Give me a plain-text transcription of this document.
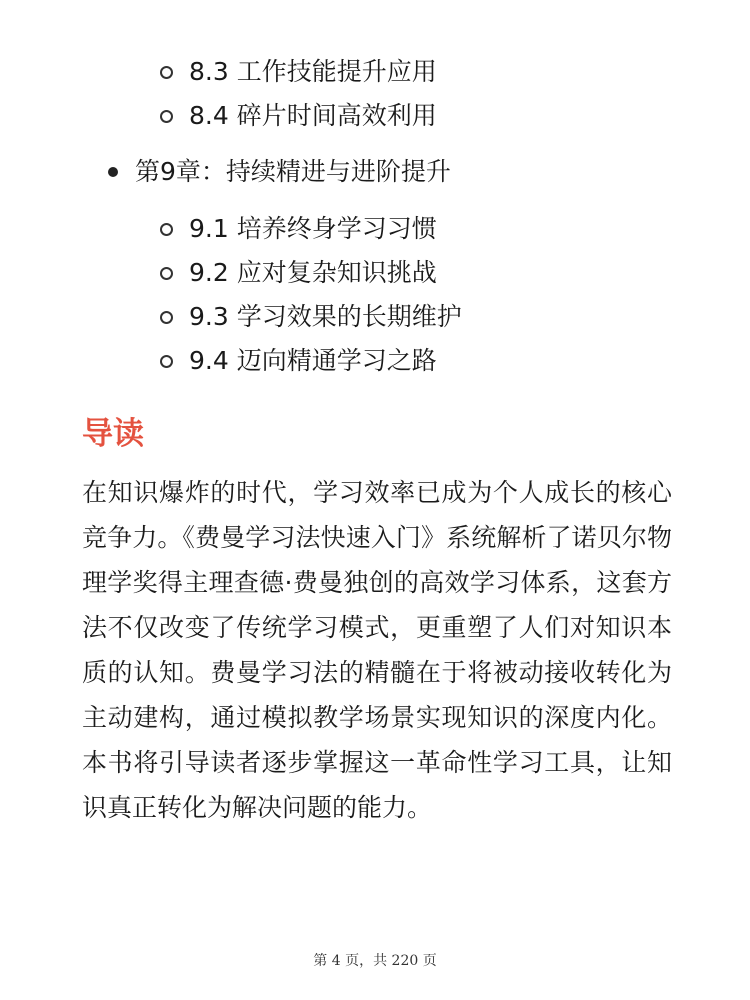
8.3 工作技能提升应用
8.4 碎片时间高效利用
第9章：持续精进与进阶提升
9.1 培养终身学习习惯
9.2 应对复杂知识挑战
9.3 学习效果的长期维护
9.4 迈向精通学习之路
导读

在知识爆炸的时代，学习效率已成为个人成长的核心竞争力。《费曼学习法快速入门》系统解析了诺贝尔物理学奖得主理查德·费曼独创的高效学习体系，这套方法不仅改变了传统学习模式，更重塑了人们对知识本质的认知。费曼学习法的精髓在于将被动接收转化为主动建构，通过模拟教学场景实现知识的深度内化。本书将引导读者逐步掌握这一革命性学习工具，让知识真正转化为解决问题的能力。

第 4 页，共 220 页
